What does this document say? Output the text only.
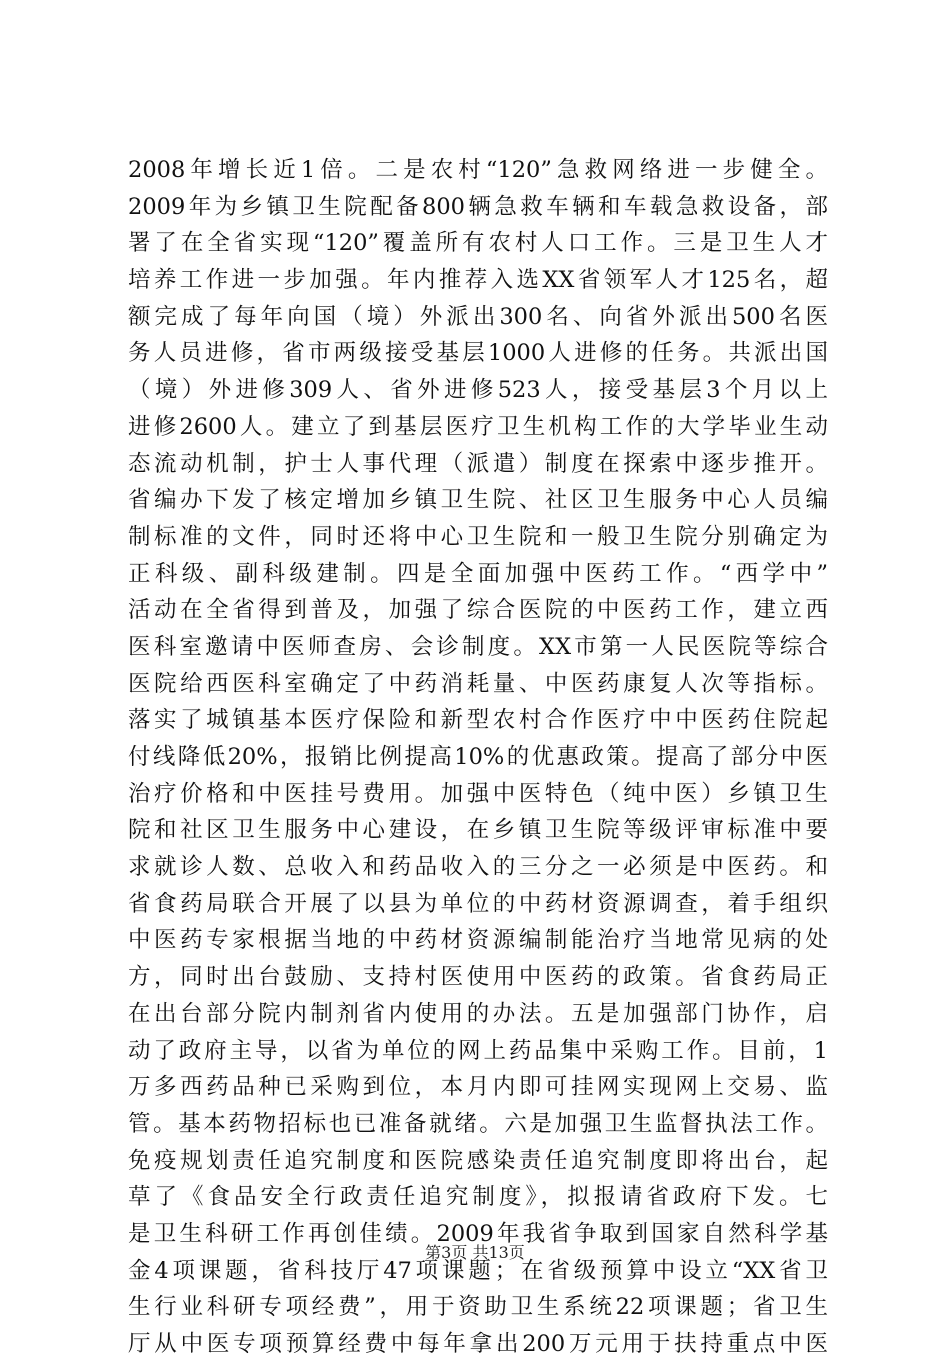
2008年增长近1倍。二是农村“120”急救网络进一步健全。
2009年为乡镇卫生院配备800辆急救车辆和车载急救设备，部
署了在全省实现“120”覆盖所有农村人口工作。三是卫生人才
培养工作进一步加强。年内推荐入选XX省领军人才125名，超
额完成了每年向国（境）外派出300名、向省外派出500名医
务人员进修，省市两级接受基层1000人进修的任务。共派出国
（境）外进修309人、省外进修523人，接受基层3个月以上
进修2600人。建立了到基层医疗卫生机构工作的大学毕业生动
态流动机制，护士人事代理（派遣）制度在探索中逐步推开。
省编办下发了核定增加乡镇卫生院、社区卫生服务中心人员编
制标准的文件，同时还将中心卫生院和一般卫生院分别确定为
正科级、副科级建制。四是全面加强中医药工作。“西学中”
活动在全省得到普及，加强了综合医院的中医药工作，建立西
医科室邀请中医师查房、会诊制度。XX市第一人民医院等综合
医院给西医科室确定了中药消耗量、中医药康复人次等指标。
落实了城镇基本医疗保险和新型农村合作医疗中中医药住院起
付线降低20%，报销比例提高10%的优惠政策。提高了部分中医
治疗价格和中医挂号费用。加强中医特色（纯中医）乡镇卫生
院和社区卫生服务中心建设，在乡镇卫生院等级评审标准中要
求就诊人数、总收入和药品收入的三分之一必须是中医药。和
省食药局联合开展了以县为单位的中药材资源调查，着手组织
中医药专家根据当地的中药材资源编制能治疗当地常见病的处
方，同时出台鼓励、支持村医使用中医药的政策。省食药局正
在出台部分院内制剂省内使用的办法。五是加强部门协作，启
动了政府主导，以省为单位的网上药品集中采购工作。目前，1
万多西药品种已采购到位，本月内即可挂网实现网上交易、监
管。基本药物招标也已准备就绪。六是加强卫生监督执法工作。
免疫规划责任追究制度和医院感染责任追究制度即将出台，起
草了《食品安全行政责任追究制度》，拟报请省政府下发。七
是卫生科研工作再创佳绩。2009年我省争取到国家自然科学基
金4项课题，省科技厅47项课题；在省级预算中设立“XX省卫
生行业科研专项经费”，用于资助卫生系统22项课题；省卫生
厅从中医专项预算经费中每年拿出200万元用于扶持重点中医
第3页 共13页
